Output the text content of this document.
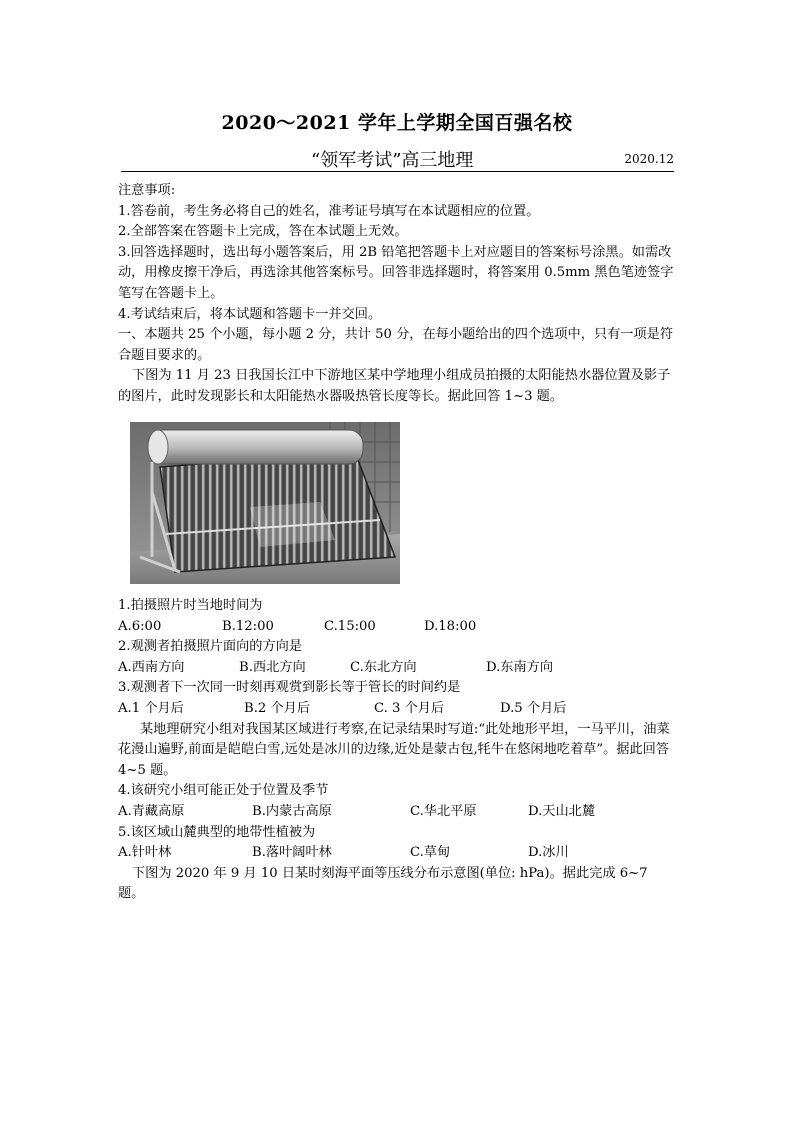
2020～2021 学年上学期全国百强名校
“领军考试”高三地理	2020.12

注意事项:

1.答卷前，考生务必将自己的姓名，准考证号填写在本试题相应的位置。

2.全部答案在答题卡上完成，答在本试题上无效。

3.回答选择题时，选出每小题答案后，用 2B 铅笔把答题卡上对应题目的答案标号涂黑。如需改动，用橡皮擦干净后，再选涂其他答案标号。回答非选择题时，将答案用 0.5mm 黑色笔迹签字笔写在答题卡上。

4.考试结束后，将本试题和答题卡一并交回。

一、本题共 25 个小题，每小题 2 分，共计 50 分，在每小题给出的四个选项中，只有一项是符合题目要求的。

下图为 11 月 23 日我国长江中下游地区某中学地理小组成员拍摄的太阳能热水器位置及影子的图片，此时发现影长和太阳能热水器吸热管长度等长。据此回答 1~3 题。

1.拍摄照片时当地时间为

A.6:00	B.12:00	C.15:00	D.18:00

2.观测者拍摄照片面向的方向是

A.西南方向	B.西北方向	C.东北方向	D.东南方向

3.观测者下一次同一时刻再观赏到影长等于管长的时间约是

A.1 个月后	B.2 个月后	C. 3 个月后	D.5 个月后

某地理研究小组对我国某区域进行考察,在记录结果时写道:“此处地形平坦，一马平川，油菜花漫山遍野,前面是皑皑白雪,远处是冰川的边缘,近处是蒙古包,牦牛在悠闲地吃着草”。据此回答 4~5 题。

4.该研究小组可能正处于位置及季节

A.青藏高原	B.内蒙古高原	C.华北平原	D.天山北麓

5.该区域山麓典型的地带性植被为

A.针叶林	B.落叶阔叶林	C.草甸	D.冰川

下图为 2020 年 9 月 10 日某时刻海平面等压线分布示意图(单位: hPa)。据此完成 6~7 题。
